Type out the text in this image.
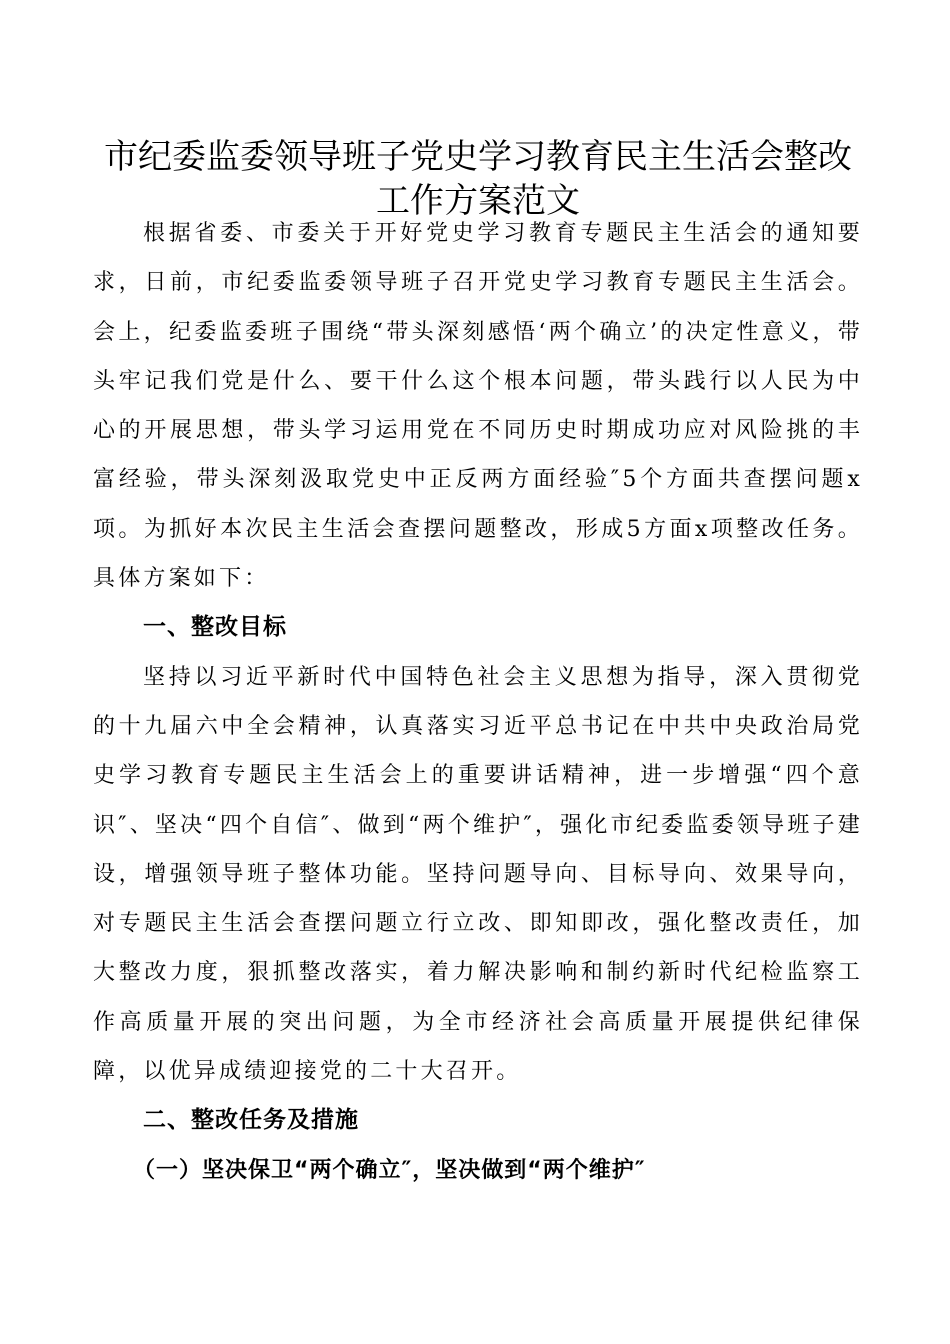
市纪委监委领导班子党史学习教育民主生活会整改工作方案范文

根据省委、市委关于开好党史学习教育专题民主生活会的通知要求，日前，市纪委监委领导班子召开党史学习教育专题民主生活会。会上，纪委监委班子围绕“带头深刻感悟‘两个确立’的决定性意义，带头牢记我们党是什么、要干什么这个根本问题，带头践行以人民为中心的开展思想，带头学习运用党在不同历史时期成功应对风险挑的丰富经验，带头深刻汲取党史中正反两方面经验″5个方面共查摆问题x项。为抓好本次民主生活会查摆问题整改，形成5方面x项整改任务。具体方案如下：

一、整改目标

坚持以习近平新时代中国特色社会主义思想为指导，深入贯彻党的十九届六中全会精神，认真落实习近平总书记在中共中央政治局党史学习教育专题民主生活会上的重要讲话精神，进一步增强“四个意识″、坚决“四个自信″、做到“两个维护″，强化市纪委监委领导班子建设，增强领导班子整体功能。坚持问题导向、目标导向、效果导向，对专题民主生活会查摆问题立行立改、即知即改，强化整改责任，加大整改力度，狠抓整改落实，着力解决影响和制约新时代纪检监察工作高质量开展的突出问题，为全市经济社会高质量开展提供纪律保障，以优异成绩迎接党的二十大召开。

二、整改任务及措施
（一）坚决保卫“两个确立″，坚决做到“两个维护″
